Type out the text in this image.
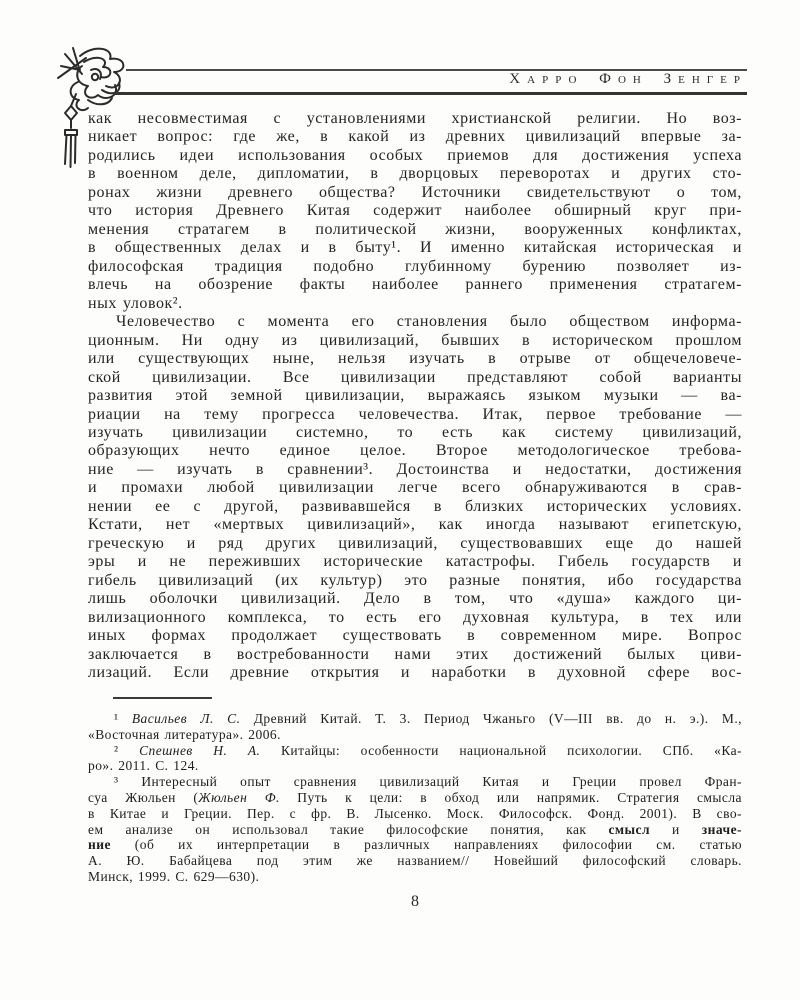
Харро Фон Зенгер
как несовместимая с установлениями христианской религии. Но воз-
никает вопрос: где же, в какой из древних цивилизаций впервые за-
родились идеи использования особых приемов для достижения успеха
в военном деле, дипломатии, в дворцовых переворотах и других сто-
ронах жизни древнего общества? Источники свидетельствуют о том,
что история Древнего Китая содержит наиболее обширный круг при-
менения стратагем в политической жизни, вооруженных конфликтах,
в общественных делах и в быту¹. И именно китайская историческая и
философская традиция подобно глубинному бурению позволяет из-
влечь на обозрение факты наиболее раннего применения стратагем-
ных уловок².
Человечество с момента его становления было обществом информа-
ционным. Ни одну из цивилизаций, бывших в историческом прошлом
или существующих ныне, нельзя изучать в отрыве от общечеловече-
ской цивилизации. Все цивилизации представляют собой варианты
развития этой земной цивилизации, выражаясь языком музыки — ва-
риации на тему прогресса человечества. Итак, первое требование —
изучать цивилизации системно, то есть как систему цивилизаций,
образующих нечто единое целое. Второе методологическое требова-
ние — изучать в сравнении³. Достоинства и недостатки, достижения
и промахи любой цивилизации легче всего обнаруживаются в срав-
нении ее с другой, развивавшейся в близких исторических условиях.
Кстати, нет «мертвых цивилизаций», как иногда называют египетскую,
греческую и ряд других цивилизаций, существовавших еще до нашей
эры и не переживших исторические катастрофы. Гибель государств и
гибель цивилизаций (их культур) это разные понятия, ибо государства
лишь оболочки цивилизаций. Дело в том, что «душа» каждого ци-
вилизационного комплекса, то есть его духовная культура, в тех или
иных формах продолжает существовать в современном мире. Вопрос
заключается в востребованности нами этих достижений былых циви-
лизаций. Если древние открытия и наработки в духовной сфере вос-
¹ Васильев Л. С. Древний Китай. Т. 3. Период Чжаньго (V—III вв. до н. э.). М.,
«Восточная литература». 2006.
² Спешнев Н. А. Китайцы: особенности национальной психологии. СПб. «Ка-
ро». 2011. С. 124.
³ Интересный опыт сравнения цивилизаций Китая и Греции провел Фран-
суа Жюльен (Жюльен Ф. Путь к цели: в обход или напрямик. Стратегия смысла
в Китае и Греции. Пер. с фр. В. Лысенко. Моск. Философск. Фонд. 2001). В сво-
ем анализе он использовал такие философские понятия, как смысл и значе-
ние (об их интерпретации в различных направлениях философии см. статью
А. Ю. Бабайцева под этим же названием// Новейший философский словарь.
Минск, 1999. С. 629—630).
8
